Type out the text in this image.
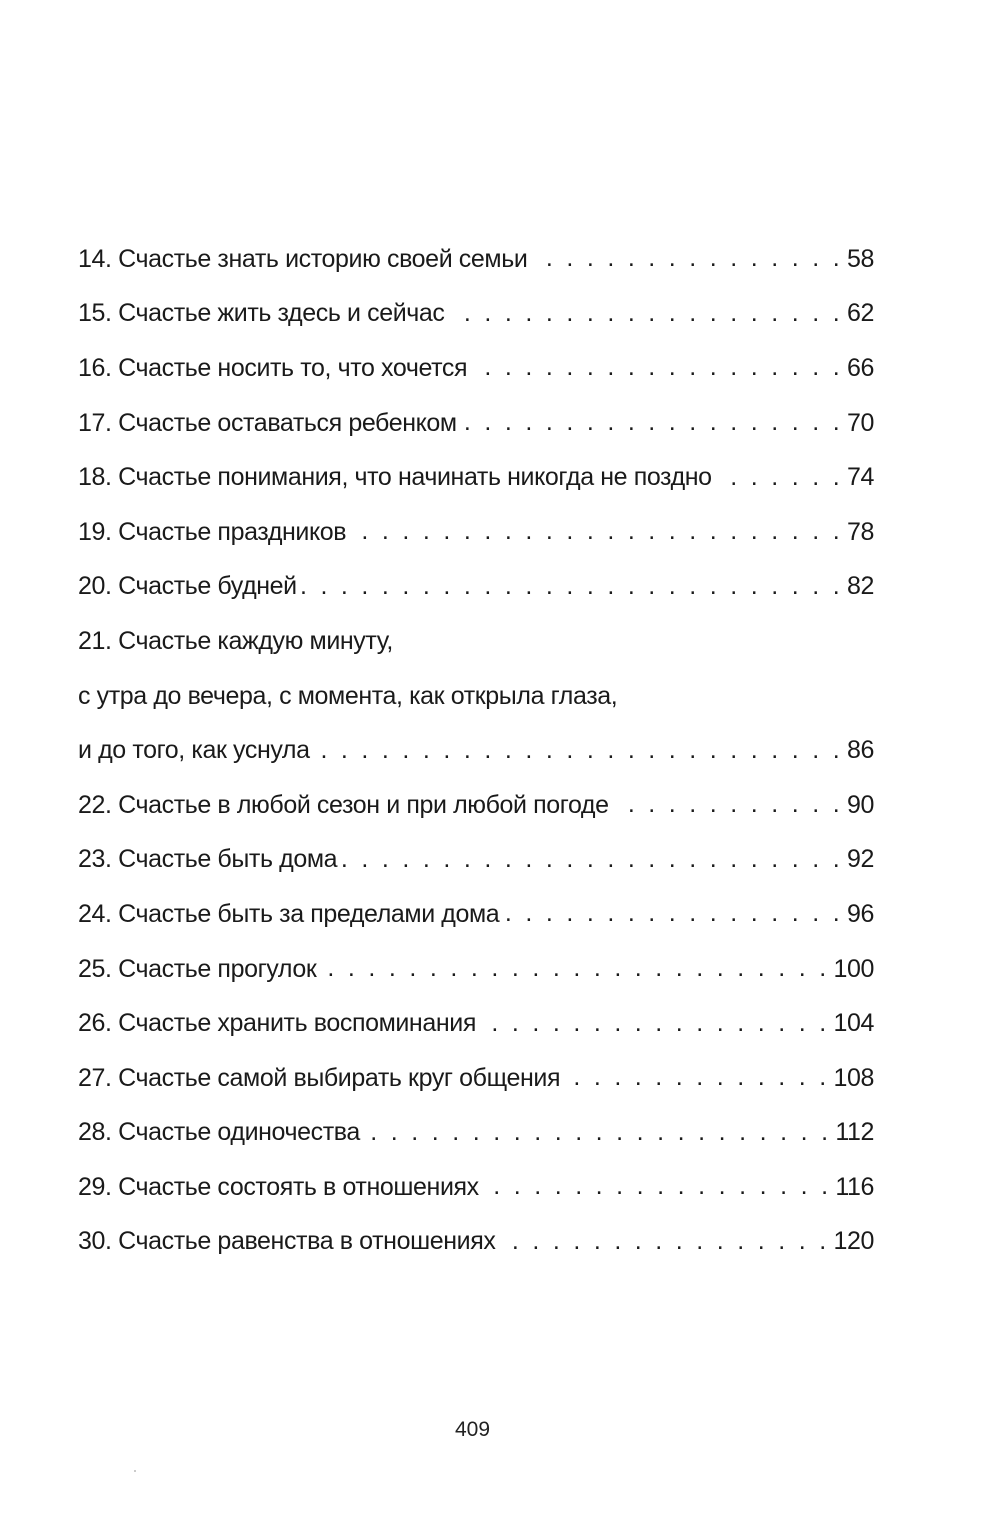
14. Счастье знать историю своей семьи . . .	58
15. Счастье жить здесь и сейчас . . .	62
16. Счастье носить то, что хочется . . .	66
17. Счастье оставаться ребенком . . .	70
18. Счастье понимания, что начинать никогда не поздно . . .	74
19. Счастье праздников . . .	78
20. Счастье будней . . .	82
21. Счастье каждую минуту,
с утра до вечера, с момента, как открыла глаза,
и до того, как уснула . . .	86
22. Счастье в любой сезон и при любой погоде . . .	90
23. Счастье быть дома . . .	92
24. Счастье быть за пределами дома . . .	96
25. Счастье прогулок . . .	100
26. Счастье хранить воспоминания . . .	104
27. Счастье самой выбирать круг общения . . .	108
28. Счастье одиночества . . .	112
29. Счастье состоять в отношениях . . .	116
30. Счастье равенства в отношениях . . .	120
409
